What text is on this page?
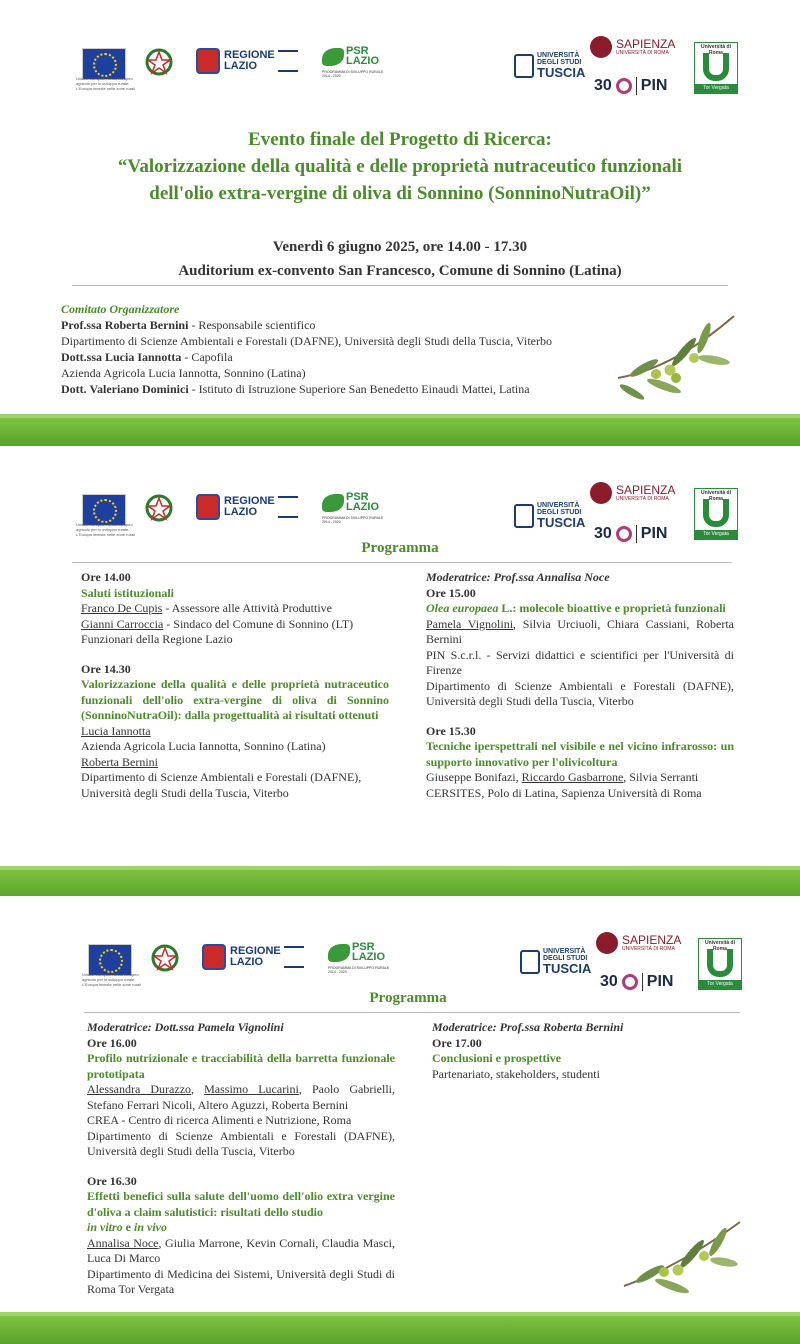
Unione europea Fondo europeo agricolo per lo sviluppo rurale: L'Europa investe nelle zone rurali
REGIONE
LAZIO
PSR
LAZIO
PROGRAMMA DI SVILUPPO RURALE 2014 - 2020
UNIVERSITÀ DEGLI STUDI
TUSCIA
SAPIENZA
UNIVERSITÀ DI ROMA
30 PIN
Università di Roma
Tor Vergata
Evento finale del Progetto di Ricerca:
“Valorizzazione della qualità e delle proprietà nutraceutico funzionali
dell'olio extra-vergine di oliva di Sonnino (SonninoNutraOil)”
Venerdì 6 giugno 2025, ore 14.00 - 17.30
Auditorium ex-convento San Francesco, Comune di Sonnino (Latina)
Comitato Organizzatore
Prof.ssa Roberta Bernini - Responsabile scientifico
Dipartimento di Scienze Ambientali e Forestali (DAFNE), Università degli Studi della Tuscia, Viterbo
Dott.ssa Lucia Iannotta - Capofila
Azienda Agricola Lucia Iannotta, Sonnino (Latina)
Dott. Valeriano Dominici - Istituto di Istruzione Superiore San Benedetto Einaudi Mattei, Latina
Unione europea Fondo europeo agricolo per lo sviluppo rurale: L'Europa investe nelle zone rurali
REGIONE
LAZIO
PSR
LAZIO
PROGRAMMA DI SVILUPPO RURALE 2014 - 2020
UNIVERSITÀ DEGLI STUDI
TUSCIA
SAPIENZA
UNIVERSITÀ DI ROMA
30 PIN
Università di Roma
Tor Vergata
Programma
Ore 14.00
Saluti istituzionali
Franco De Cupis - Assessore alle Attività Produttive
Gianni Carroccia - Sindaco del Comune di Sonnino (LT)
Funzionari della Regione Lazio
Ore 14.30
Valorizzazione della qualità e delle proprietà nutraceutico funzionali dell'olio extra-vergine di oliva di Sonnino (SonninoNutraOil): dalla progettualità ai risultati ottenuti
Lucia Iannotta
Azienda Agricola Lucia Iannotta, Sonnino (Latina)
Roberta Bernini
Dipartimento di Scienze Ambientali e Forestali (DAFNE), Università degli Studi della Tuscia, Viterbo
Moderatrice: Prof.ssa Annalisa Noce
Ore 15.00
Olea europaea L.: molecole bioattive e proprietà funzionali
Pamela Vignolini, Silvia Urciuoli, Chiara Cassiani, Roberta Bernini
PIN S.c.r.l. - Servizi didattici e scientifici per l'Università di Firenze
Dipartimento di Scienze Ambientali e Forestali (DAFNE), Università degli Studi della Tuscia, Viterbo
Ore 15.30
Tecniche iperspettrali nel visibile e nel vicino infrarosso: un supporto innovativo per l'olivicoltura
Giuseppe Bonifazi, Riccardo Gasbarrone, Silvia Serranti
CERSITES, Polo di Latina, Sapienza Università di Roma
Unione europea Fondo europeo agricolo per lo sviluppo rurale: L'Europa investe nelle zone rurali
REGIONE
LAZIO
PSR
LAZIO
PROGRAMMA DI SVILUPPO RURALE 2014 - 2020
UNIVERSITÀ DEGLI STUDI
TUSCIA
SAPIENZA
UNIVERSITÀ DI ROMA
30 PIN
Università di Roma
Tor Vergata
Programma
Moderatrice: Dott.ssa Pamela Vignolini
Ore 16.00
Profilo nutrizionale e tracciabilità della barretta funzionale prototipata
Alessandra Durazzo, Massimo Lucarini, Paolo Gabrielli, Stefano Ferrari Nicoli, Altero Aguzzi, Roberta Bernini
CREA - Centro di ricerca Alimenti e Nutrizione, Roma
Dipartimento di Scienze Ambientali e Forestali (DAFNE), Università degli Studi della Tuscia, Viterbo
Ore 16.30
Effetti benefici sulla salute dell'uomo dell'olio extra vergine d'oliva a claim salutistici: risultati dello studio
in vitro e in vivo
Annalisa Noce, Giulia Marrone, Kevin Cornali, Claudia Masci, Luca Di Marco
Dipartimento di Medicina dei Sistemi, Università degli Studi di Roma Tor Vergata
Moderatrice: Prof.ssa Roberta Bernini
Ore 17.00
Conclusioni e prospettive
Partenariato, stakeholders, studenti
